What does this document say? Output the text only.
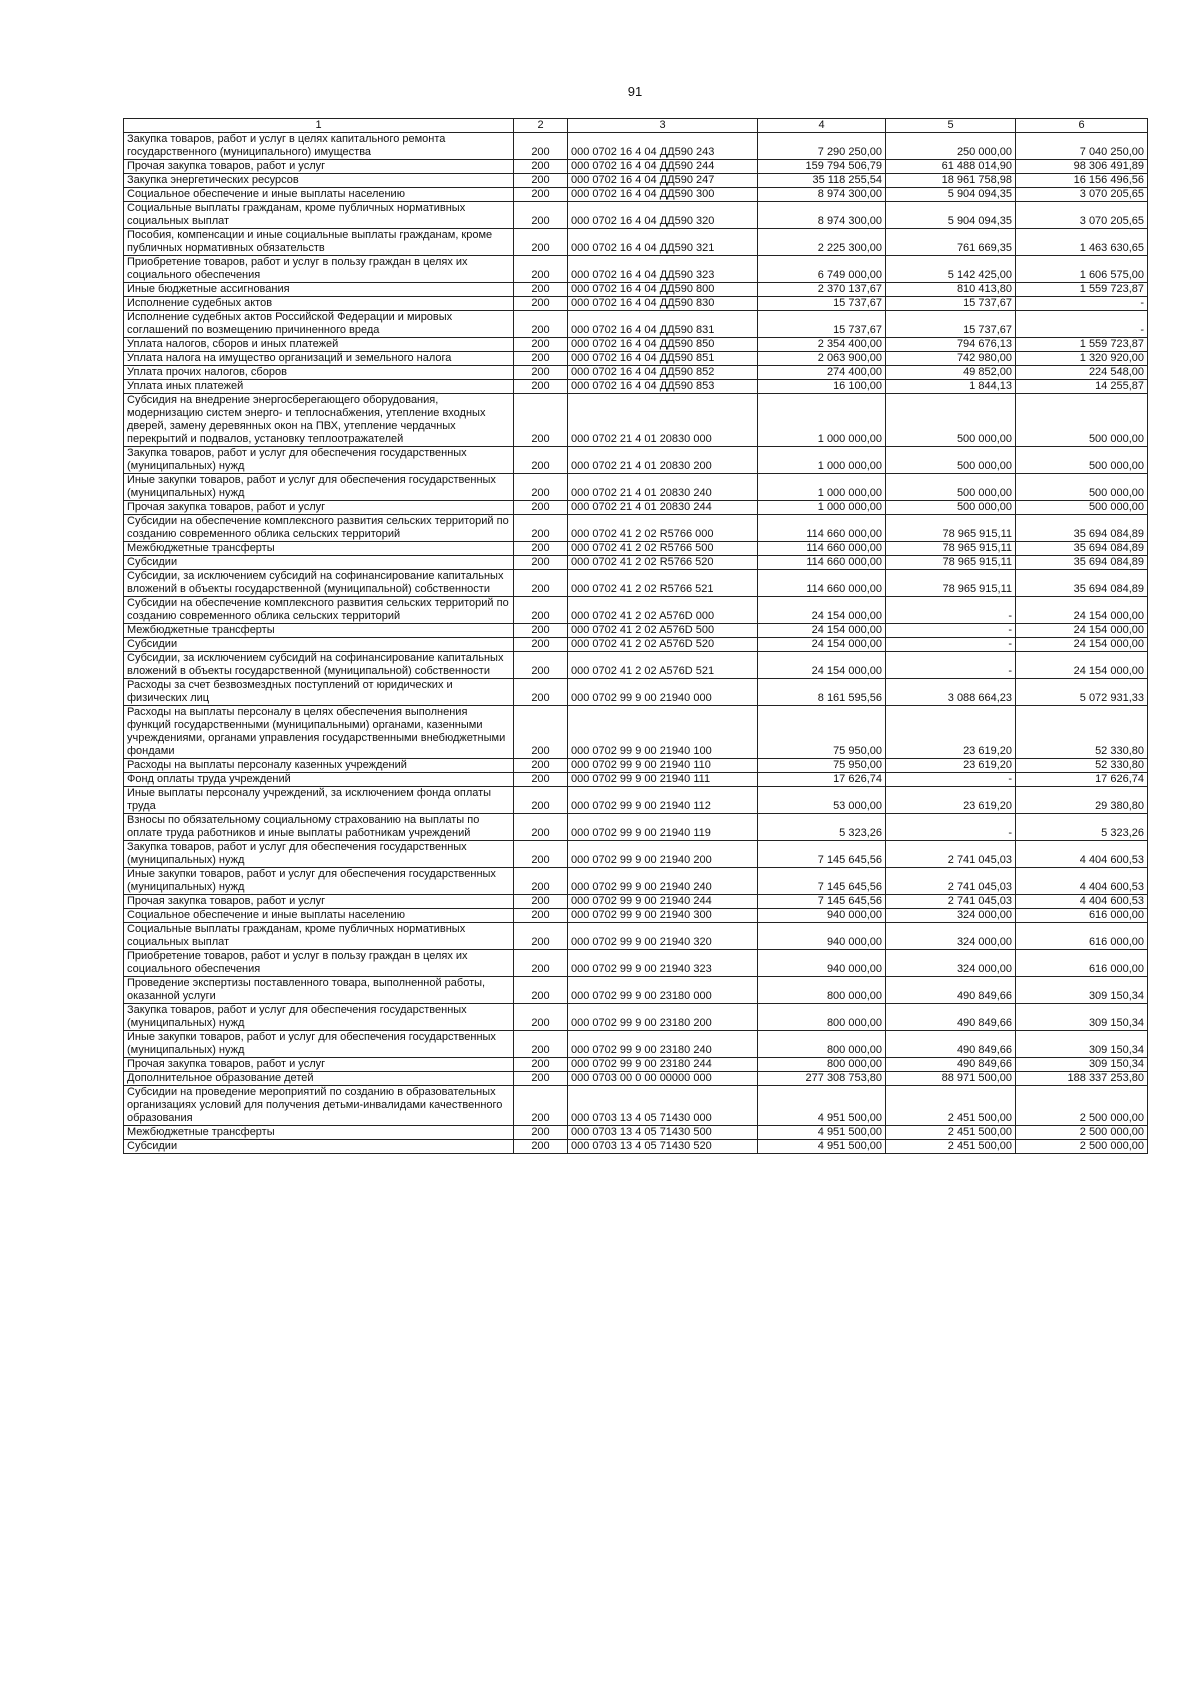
91
1	2	3	4	5	6
Закупка товаров, работ и услуг в целях капитального ремонта государственного (муниципального) имущества	200	000 0702 16 4 04 ДД590 243	7 290 250,00	250 000,00	7 040 250,00
Прочая закупка товаров, работ и услуг	200	000 0702 16 4 04 ДД590 244	159 794 506,79	61 488 014,90	98 306 491,89
Закупка энергетических ресурсов	200	000 0702 16 4 04 ДД590 247	35 118 255,54	18 961 758,98	16 156 496,56
Социальное обеспечение и иные выплаты населению	200	000 0702 16 4 04 ДД590 300	8 974 300,00	5 904 094,35	3 070 205,65
Социальные выплаты гражданам, кроме публичных нормативных социальных выплат	200	000 0702 16 4 04 ДД590 320	8 974 300,00	5 904 094,35	3 070 205,65
Пособия, компенсации и иные социальные выплаты гражданам, кроме публичных нормативных обязательств	200	000 0702 16 4 04 ДД590 321	2 225 300,00	761 669,35	1 463 630,65
Приобретение товаров, работ и услуг в пользу граждан в целях их социального обеспечения	200	000 0702 16 4 04 ДД590 323	6 749 000,00	5 142 425,00	1 606 575,00
Иные бюджетные ассигнования	200	000 0702 16 4 04 ДД590 800	2 370 137,67	810 413,80	1 559 723,87
Исполнение судебных актов	200	000 0702 16 4 04 ДД590 830	15 737,67	15 737,67	-
Исполнение судебных актов Российской Федерации и мировых соглашений по возмещению причиненного вреда	200	000 0702 16 4 04 ДД590 831	15 737,67	15 737,67	-
Уплата налогов, сборов и иных платежей	200	000 0702 16 4 04 ДД590 850	2 354 400,00	794 676,13	1 559 723,87
Уплата налога на имущество организаций и земельного налога	200	000 0702 16 4 04 ДД590 851	2 063 900,00	742 980,00	1 320 920,00
Уплата прочих налогов, сборов	200	000 0702 16 4 04 ДД590 852	274 400,00	49 852,00	224 548,00
Уплата иных платежей	200	000 0702 16 4 04 ДД590 853	16 100,00	1 844,13	14 255,87
Субсидия на внедрение энергосберегающего оборудования, модернизацию систем энерго- и теплоснабжения, утепление входных дверей, замену деревянных окон на ПВХ, утепление чердачных перекрытий и подвалов, установку теплоотражателей	200	000 0702 21 4 01 20830 000	1 000 000,00	500 000,00	500 000,00
Закупка товаров, работ и услуг для обеспечения государственных (муниципальных) нужд	200	000 0702 21 4 01 20830 200	1 000 000,00	500 000,00	500 000,00
Иные закупки товаров, работ и услуг для обеспечения государственных (муниципальных) нужд	200	000 0702 21 4 01 20830 240	1 000 000,00	500 000,00	500 000,00
Прочая закупка товаров, работ и услуг	200	000 0702 21 4 01 20830 244	1 000 000,00	500 000,00	500 000,00
Субсидии на обеспечение комплексного развития сельских территорий по созданию современного облика сельских территорий	200	000 0702 41 2 02 R5766 000	114 660 000,00	78 965 915,11	35 694 084,89
Межбюджетные трансферты	200	000 0702 41 2 02 R5766 500	114 660 000,00	78 965 915,11	35 694 084,89
Субсидии	200	000 0702 41 2 02 R5766 520	114 660 000,00	78 965 915,11	35 694 084,89
Субсидии, за исключением субсидий на софинансирование капитальных вложений в объекты государственной (муниципальной) собственности	200	000 0702 41 2 02 R5766 521	114 660 000,00	78 965 915,11	35 694 084,89
Субсидии на обеспечение комплексного развития сельских территорий по созданию современного облика сельских территорий	200	000 0702 41 2 02 A576D 000	24 154 000,00	-	24 154 000,00
Межбюджетные трансферты	200	000 0702 41 2 02 A576D 500	24 154 000,00	-	24 154 000,00
Субсидии	200	000 0702 41 2 02 A576D 520	24 154 000,00	-	24 154 000,00
Субсидии, за исключением субсидий на софинансирование капитальных вложений в объекты государственной (муниципальной) собственности	200	000 0702 41 2 02 A576D 521	24 154 000,00	-	24 154 000,00
Расходы за счет безвозмездных поступлений от юридических и физических лиц	200	000 0702 99 9 00 21940 000	8 161 595,56	3 088 664,23	5 072 931,33
Расходы на выплаты персоналу в целях обеспечения выполнения функций государственными (муниципальными) органами, казенными учреждениями, органами управления государственными внебюджетными фондами	200	000 0702 99 9 00 21940 100	75 950,00	23 619,20	52 330,80
Расходы на выплаты персоналу казенных учреждений	200	000 0702 99 9 00 21940 110	75 950,00	23 619,20	52 330,80
Фонд оплаты труда учреждений	200	000 0702 99 9 00 21940 111	17 626,74	-	17 626,74
Иные выплаты персоналу учреждений, за исключением фонда оплаты труда	200	000 0702 99 9 00 21940 112	53 000,00	23 619,20	29 380,80
Взносы по обязательному социальному страхованию на выплаты по оплате труда работников и иные выплаты работникам учреждений	200	000 0702 99 9 00 21940 119	5 323,26	-	5 323,26
Закупка товаров, работ и услуг для обеспечения государственных (муниципальных) нужд	200	000 0702 99 9 00 21940 200	7 145 645,56	2 741 045,03	4 404 600,53
Иные закупки товаров, работ и услуг для обеспечения государственных (муниципальных) нужд	200	000 0702 99 9 00 21940 240	7 145 645,56	2 741 045,03	4 404 600,53
Прочая закупка товаров, работ и услуг	200	000 0702 99 9 00 21940 244	7 145 645,56	2 741 045,03	4 404 600,53
Социальное обеспечение и иные выплаты населению	200	000 0702 99 9 00 21940 300	940 000,00	324 000,00	616 000,00
Социальные выплаты гражданам, кроме публичных нормативных социальных выплат	200	000 0702 99 9 00 21940 320	940 000,00	324 000,00	616 000,00
Приобретение товаров, работ и услуг в пользу граждан в целях их социального обеспечения	200	000 0702 99 9 00 21940 323	940 000,00	324 000,00	616 000,00
Проведение экспертизы поставленного товара, выполненной работы, оказанной услуги	200	000 0702 99 9 00 23180 000	800 000,00	490 849,66	309 150,34
Закупка товаров, работ и услуг для обеспечения государственных (муниципальных) нужд	200	000 0702 99 9 00 23180 200	800 000,00	490 849,66	309 150,34
Иные закупки товаров, работ и услуг для обеспечения государственных (муниципальных) нужд	200	000 0702 99 9 00 23180 240	800 000,00	490 849,66	309 150,34
Прочая закупка товаров, работ и услуг	200	000 0702 99 9 00 23180 244	800 000,00	490 849,66	309 150,34
Дополнительное образование детей	200	000 0703 00 0 00 00000 000	277 308 753,80	88 971 500,00	188 337 253,80
Субсидии на проведение мероприятий по созданию в образовательных организациях условий для получения детьми-инвалидами качественного образования	200	000 0703 13 4 05 71430 000	4 951 500,00	2 451 500,00	2 500 000,00
Межбюджетные трансферты	200	000 0703 13 4 05 71430 500	4 951 500,00	2 451 500,00	2 500 000,00
Субсидии	200	000 0703 13 4 05 71430 520	4 951 500,00	2 451 500,00	2 500 000,00
